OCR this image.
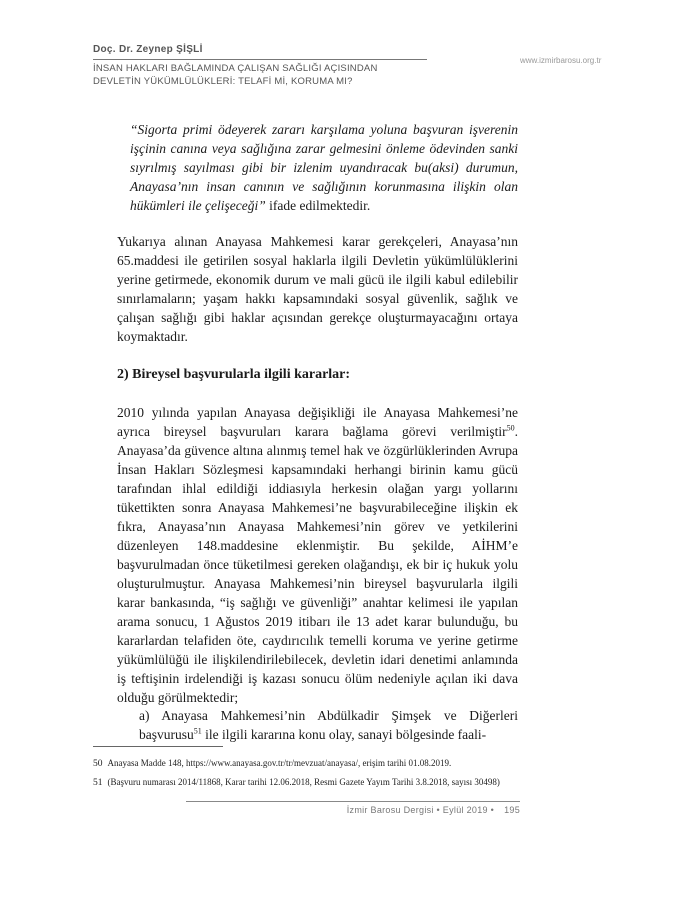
Doç. Dr. Zeynep ŞİŞLİ
www.izmirbarosu.org.tr
İNSAN HAKLARI BAĞLAMINDA ÇALIŞAN SAĞLIĞI AÇISINDAN
DEVLETİN YÜKÜMLÜLÜKLERİ: TELAFİ Mİ, KORUMA MI?
“Sigorta primi ödeyerek zararı karşılama yoluna başvuran işverenin işçinin canına veya sağlığına zarar gelmesini önleme ödevinden sanki sıyrılmış sayılması gibi bir izlenim uyandıracak bu(aksi) durumun, Anayasa’nın insan canının ve sağlığının korunmasına ilişkin olan hükümleri ile çelişeceği” ifade edilmektedir.

Yukarıya alınan Anayasa Mahkemesi karar gerekçeleri, Anayasa’nın 65.maddesi ile getirilen sosyal haklarla ilgili Devletin yükümlülüklerini yerine getirmede, ekonomik durum ve mali gücü ile ilgili kabul edilebilir sınırlamaların; yaşam hakkı kapsamındaki sosyal güvenlik, sağlık ve çalışan sağlığı gibi haklar açısından gerekçe oluşturmayacağını ortaya koymaktadır.

2) Bireysel başvurularla ilgili kararlar:

2010 yılında yapılan Anayasa değişikliği ile Anayasa Mahkemesi’ne ayrıca bireysel başvuruları karara bağlama görevi verilmiştir$^{50}$. Anayasa’da güvence altına alınmış temel hak ve özgürlüklerinden Avrupa İnsan Hakları Sözleşmesi kapsamındaki herhangi birinin kamu gücü tarafından ihlal edildiği iddiasıyla herkesin olağan yargı yollarını tükettikten sonra Anayasa Mahkemesi’ne başvurabileceğine ilişkin ek fıkra, Anayasa’nın Anayasa Mahkemesi’nin görev ve yetkilerini düzenleyen 148.maddesine eklenmiştir. Bu şekilde, AİHM’e başvurulmadan önce tüketilmesi gereken olağandışı, ek bir iç hukuk yolu oluşturulmuştur. Anayasa Mahkemesi’nin bireysel başvurularla ilgili karar bankasında, “iş sağlığı ve güvenliği” anahtar kelimesi ile yapılan arama sonucu, 1 Ağustos 2019 itibarı ile 13 adet karar bulunduğu, bu kararlardan telafiden öte, caydırıcılık temelli koruma ve yerine getirme yükümlülüğü ile ilişkilendirilebilecek, devletin idari denetimi anlamında iş teftişinin irdelendiği iş kazası sonucu ölüm nedeniyle açılan iki dava olduğu görülmektedir;

a) Anayasa Mahkemesi’nin Abdülkadir Şimşek ve Diğerleri başvurusu$^{51}$ ile ilgili kararına konu olay, sanayi bölgesinde faali-

50 Anayasa Madde 148, https://www.anayasa.gov.tr/tr/mevzuat/anayasa/, erişim tarihi 01.08.2019.
51 (Başvuru numarası 2014/11868, Karar tarihi 12.06.2018, Resmi Gazete Yayım Tarihi 3.8.2018, sayısı 30498)
İzmir Barosu Dergisi • Eylül 2019 • 195
